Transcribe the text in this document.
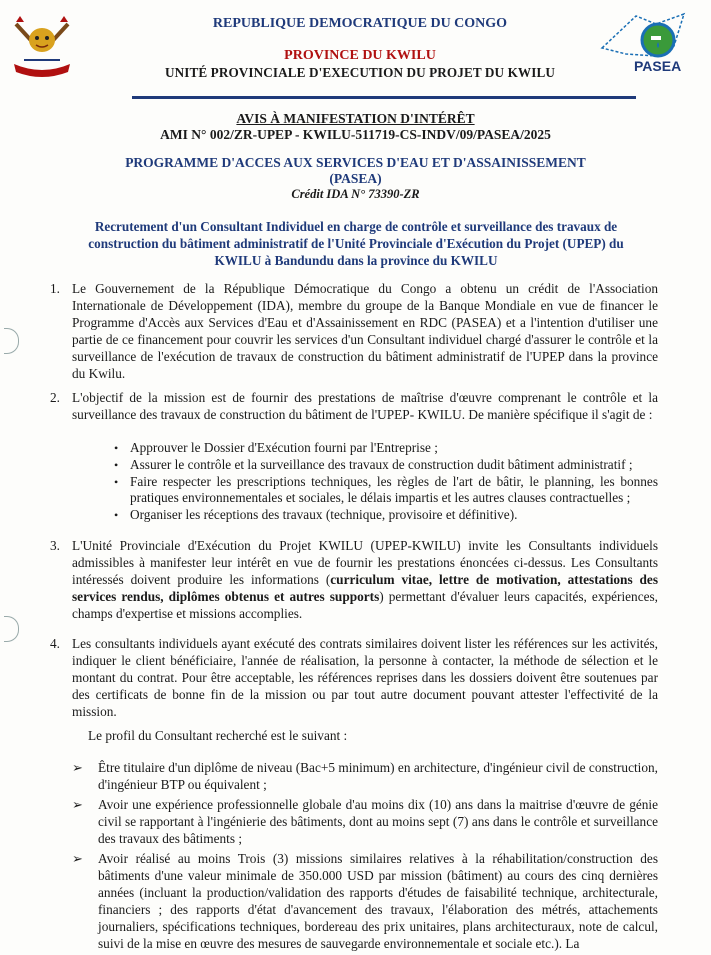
REPUBLIQUE DEMOCRATIQUE DU CONGO
PROVINCE DU KWILU
UNITÉ PROVINCIALE D'EXECUTION DU PROJET DU KWILU	PASEA
AVIS À MANIFESTATION D'INTÉRÊT
AMI N° 002/ZR-UPEP - KWILU-511719-CS-INDV/09/PASEA/2025
PROGRAMME D'ACCES AUX SERVICES D'EAU ET D'ASSAINISSEMENT
(PASEA)
Crédit IDA N° 73390-ZR
Recrutement d'un Consultant Individuel en charge de contrôle et surveillance des travaux de construction du bâtiment administratif de l'Unité Provinciale d'Exécution du Projet (UPEP) du KWILU à Bandundu dans la province du KWILU
1. Le Gouvernement de la République Démocratique du Congo a obtenu un crédit de l'Association Internationale de Développement (IDA), membre du groupe de la Banque Mondiale en vue de financer le Programme d'Accès aux Services d'Eau et d'Assainissement en RDC (PASEA) et a l'intention d'utiliser une partie de ce financement pour couvrir les services d'un Consultant individuel chargé d'assurer le contrôle et la surveillance de l'exécution de travaux de construction du bâtiment administratif de l'UPEP dans la province du Kwilu.
2. L'objectif de la mission est de fournir des prestations de maîtrise d'œuvre comprenant le contrôle et la surveillance des travaux de construction du bâtiment de l'UPEP- KWILU. De manière spécifique il s'agit de :
• Approuver le Dossier d'Exécution fourni par l'Entreprise ;
• Assurer le contrôle et la surveillance des travaux de construction dudit bâtiment administratif ;
• Faire respecter les prescriptions techniques, les règles de l'art de bâtir, le planning, les bonnes pratiques environnementales et sociales, le délais impartis et les autres clauses contractuelles ;
• Organiser les réceptions des travaux (technique, provisoire et définitive).
3. L'Unité Provinciale d'Exécution du Projet KWILU (UPEP-KWILU) invite les Consultants individuels admissibles à manifester leur intérêt en vue de fournir les prestations énoncées ci-dessus. Les Consultants intéressés doivent produire les informations (curriculum vitae, lettre de motivation, attestations des services rendus, diplômes obtenus et autres supports) permettant d'évaluer leurs capacités, expériences, champs d'expertise et missions accomplies.
4. Les consultants individuels ayant exécuté des contrats similaires doivent lister les références sur les activités, indiquer le client bénéficiaire, l'année de réalisation, la personne à contacter, la méthode de sélection et le montant du contrat. Pour être acceptable, les références reprises dans les dossiers doivent être soutenues par des certificats de bonne fin de la mission ou par tout autre document pouvant attester l'effectivité de la mission.
Le profil du Consultant recherché est le suivant :
➢ Être titulaire d'un diplôme de niveau (Bac+5 minimum) en architecture, d'ingénieur civil de construction, d'ingénieur BTP ou équivalent ;
➢ Avoir une expérience professionnelle globale d'au moins dix (10) ans dans la maitrise d'œuvre de génie civil se rapportant à l'ingénierie des bâtiments, dont au moins sept (7) ans dans le contrôle et surveillance des travaux des bâtiments ;
➢ Avoir réalisé au moins Trois (3) missions similaires relatives à la réhabilitation/construction des bâtiments d'une valeur minimale de 350.000 USD par mission (bâtiment) au cours des cinq dernières années (incluant la production/validation des rapports d'études de faisabilité technique, architecturale, financiers ; des rapports d'état d'avancement des travaux, l'élaboration des métrés, attachements journaliers, spécifications techniques, bordereau des prix unitaires, plans architecturaux, note de calcul, suivi de la mise en œuvre des mesures de sauvegarde environnementale et sociale etc.). La
